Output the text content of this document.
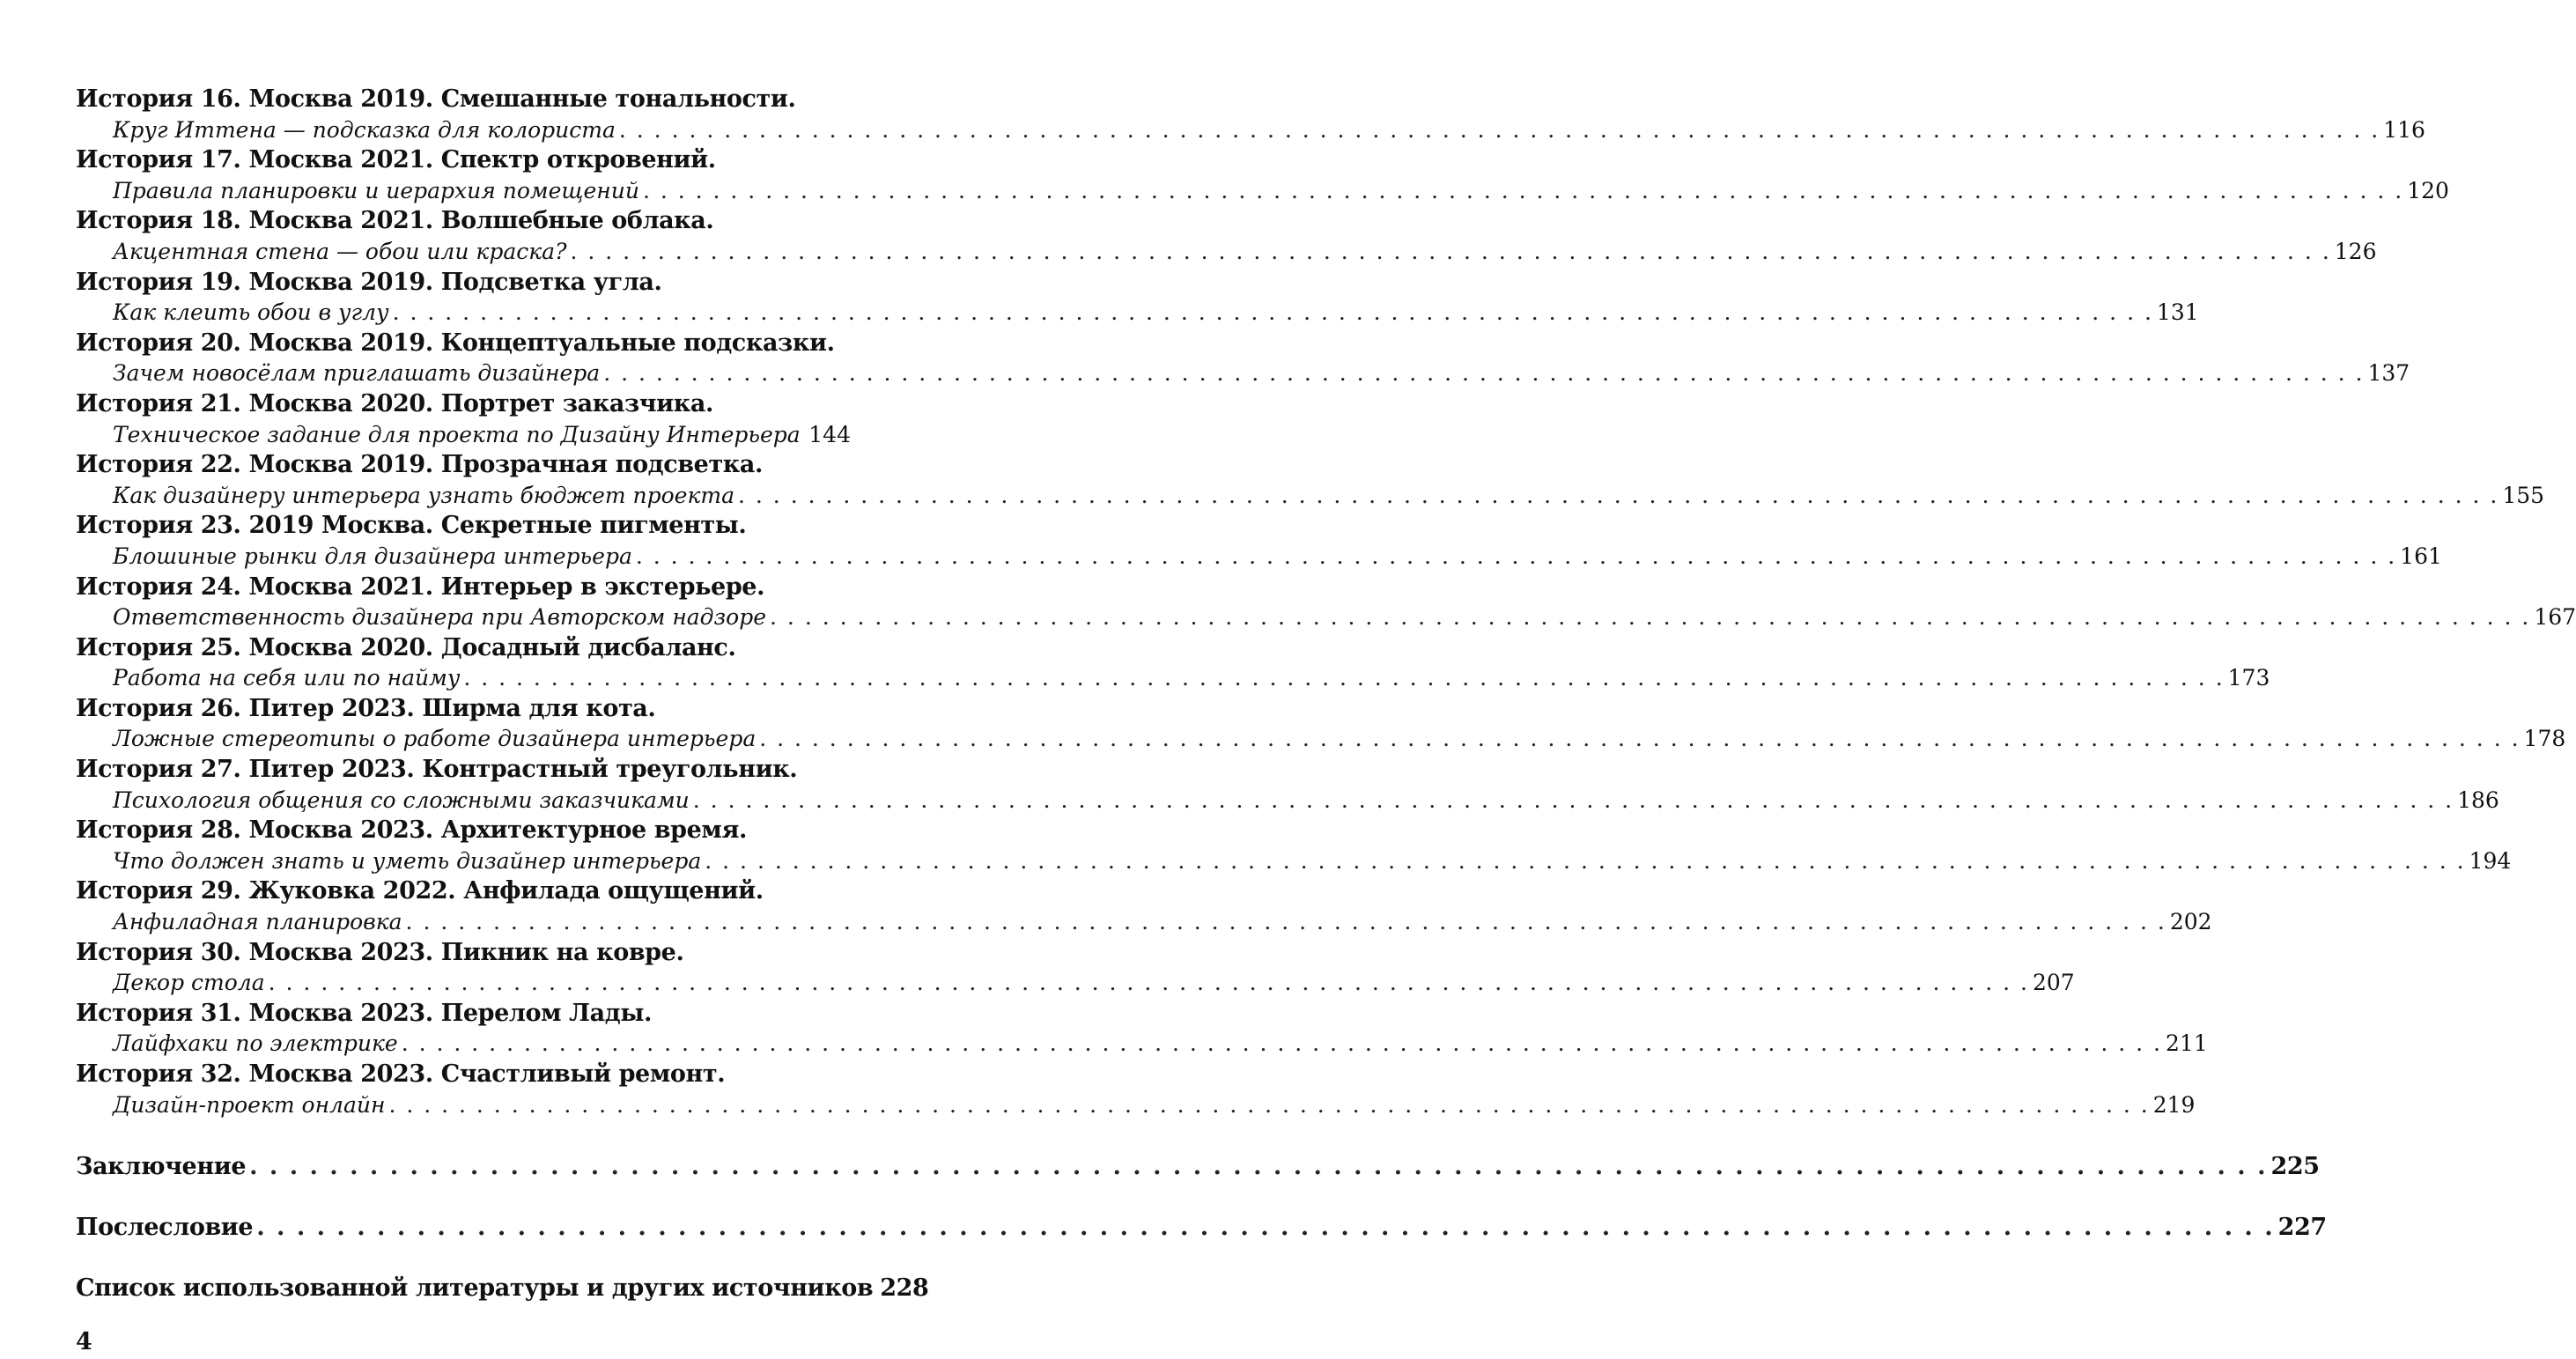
История 16. Москва 2019. Смешанные тональности.
Круг Иттена — подсказка для колориста . . .	116
История 17. Москва 2021. Спектр откровений.
Правила планировки и иерархия помещений . . .	120
История 18. Москва 2021. Волшебные облака.
Акцентная стена — обои или краска? . . .	126
История 19. Москва 2019. Подсветка угла.
Как клеить обои в углу . . .	131
История 20. Москва 2019. Концептуальные подсказки.
Зачем новосёлам приглашать дизайнера . . .	137
История 21. Москва 2020. Портрет заказчика.
Техническое задание для проекта по Дизайну Интерьера . . . 144
История 22. Москва 2019. Прозрачная подсветка.
Как дизайнеру интерьера узнать бюджет проекта . . .	155
История 23. 2019 Москва. Секретные пигменты.
Блошиные рынки для дизайнера интерьера . . .	161
История 24. Москва 2021. Интерьер в экстерьере.
Ответственность дизайнера при Авторском надзоре . . .	167
История 25. Москва 2020. Досадный дисбаланс.
Работа на себя или по найму . . .	173
История 26. Питер 2023. Ширма для кота.
Ложные стереотипы о работе дизайнера интерьера . . .	178
История 27. Питер 2023. Контрастный треугольник.
Психология общения со сложными заказчиками . . .	186
История 28. Москва 2023. Архитектурное время.
Что должен знать и уметь дизайнер интерьера . . .	194
История 29. Жуковка 2022. Анфилада ощущений.
Анфиладная планировка . . .	202
История 30. Москва 2023. Пикник на ковре.
Декор стола . . .	207
История 31. Москва 2023. Перелом Лады.
Лайфхаки по электрике . . .	211
История 32. Москва 2023. Счастливый ремонт.
Дизайн-проект онлайн . . .	219
Заключение . . .	225
Послесловие . . .	227
Список использованной литературы и других источников 228
4
